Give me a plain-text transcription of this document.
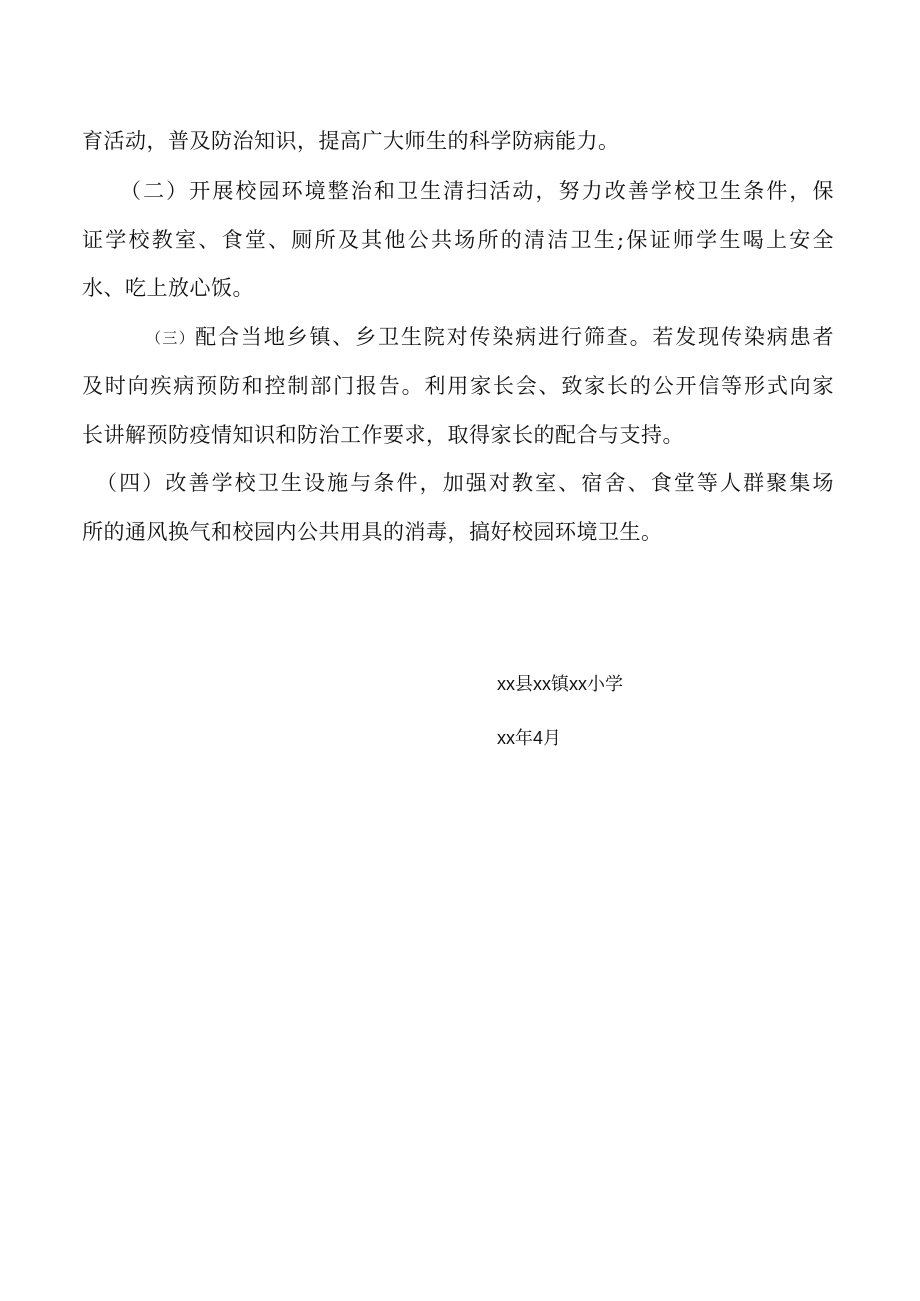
育活动，普及防治知识，提高广大师生的科学防病能力。
（二）开展校园环境整治和卫生清扫活动，努力改善学校卫生条件，保
证学校教室、食堂、厕所及其他公共场所的清洁卫生;保证师学生喝上安全
水、吃上放心饭。
（三）配合当地乡镇、乡卫生院对传染病进行筛查。若发现传染病患者
及时向疾病预防和控制部门报告。利用家长会、致家长的公开信等形式向家
长讲解预防疫情知识和防治工作要求，取得家长的配合与支持。
（四）改善学校卫生设施与条件，加强对教室、宿舍、食堂等人群聚集场
所的通风换气和校园内公共用具的消毒，搞好校园环境卫生。
xx县xx镇xx小学
xx年4月
